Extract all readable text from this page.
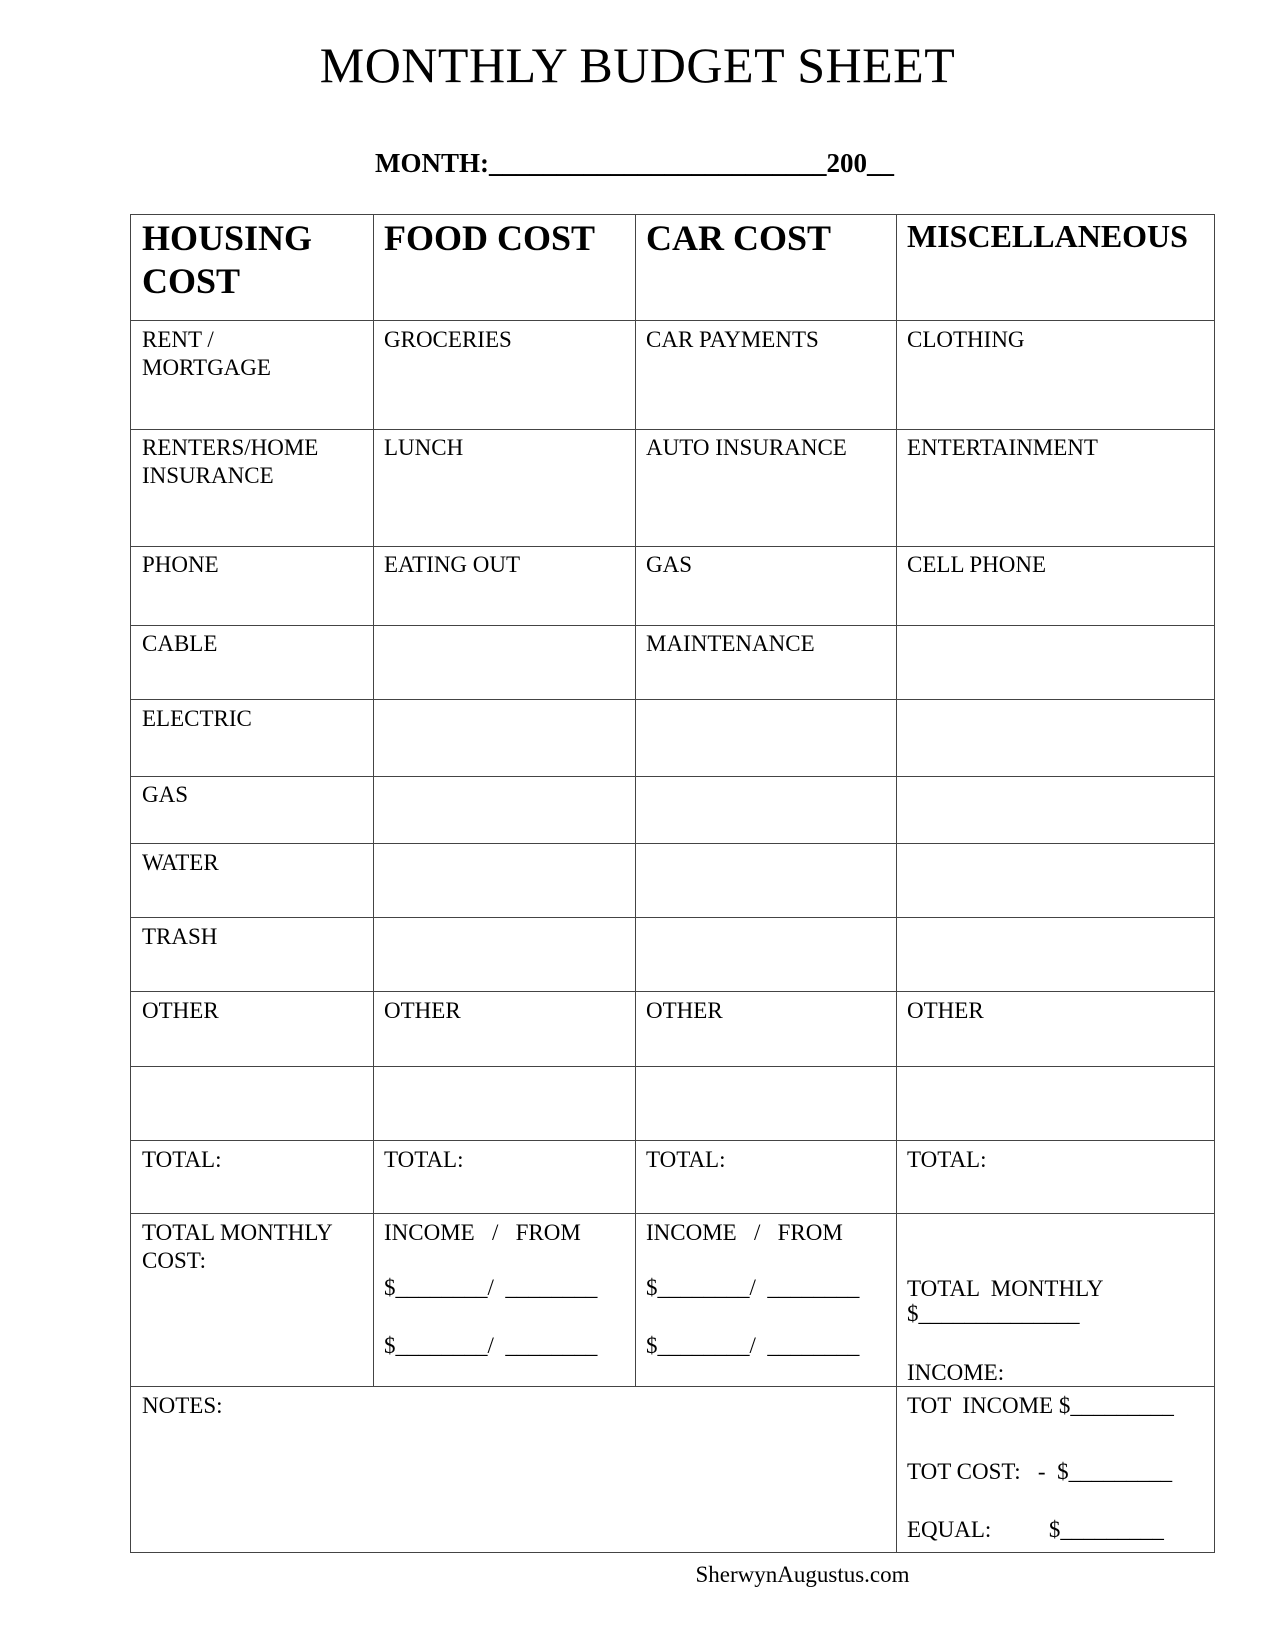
MONTHLY BUDGET SHEET
MONTH:_________________________200__
HOUSING
COST
FOOD COST CAR COST MISCELLANEOUS
RENT /
MORTGAGE
RENTERS/HOME
INSURANCE
PHONE
CABLE
ELECTRIC
GAS
WATER
TRASH
OTHER
TOTAL:
GROCERIES
LUNCH
EATING OUT
OTHER
TOTAL:
CAR PAYMENTS
AUTO INSURANCE
GAS
MAINTENANCE
OTHER
TOTAL:
CLOTHING
ENTERTAINMENT
CELL PHONE
OTHER
TOTAL:
TOTAL MONTHLY
COST:
INCOME   /   FROM
$________/  ________
$________/  ________
INCOME   /   FROM
$________/  ________
$________/  ________

TOTAL  MONTHLY

INCOME:

$______________
NOTES:	TOT  INCOME $_________
TOT COST:   -  $_________
EQUAL:          $_________
SherwynAugustus.com
